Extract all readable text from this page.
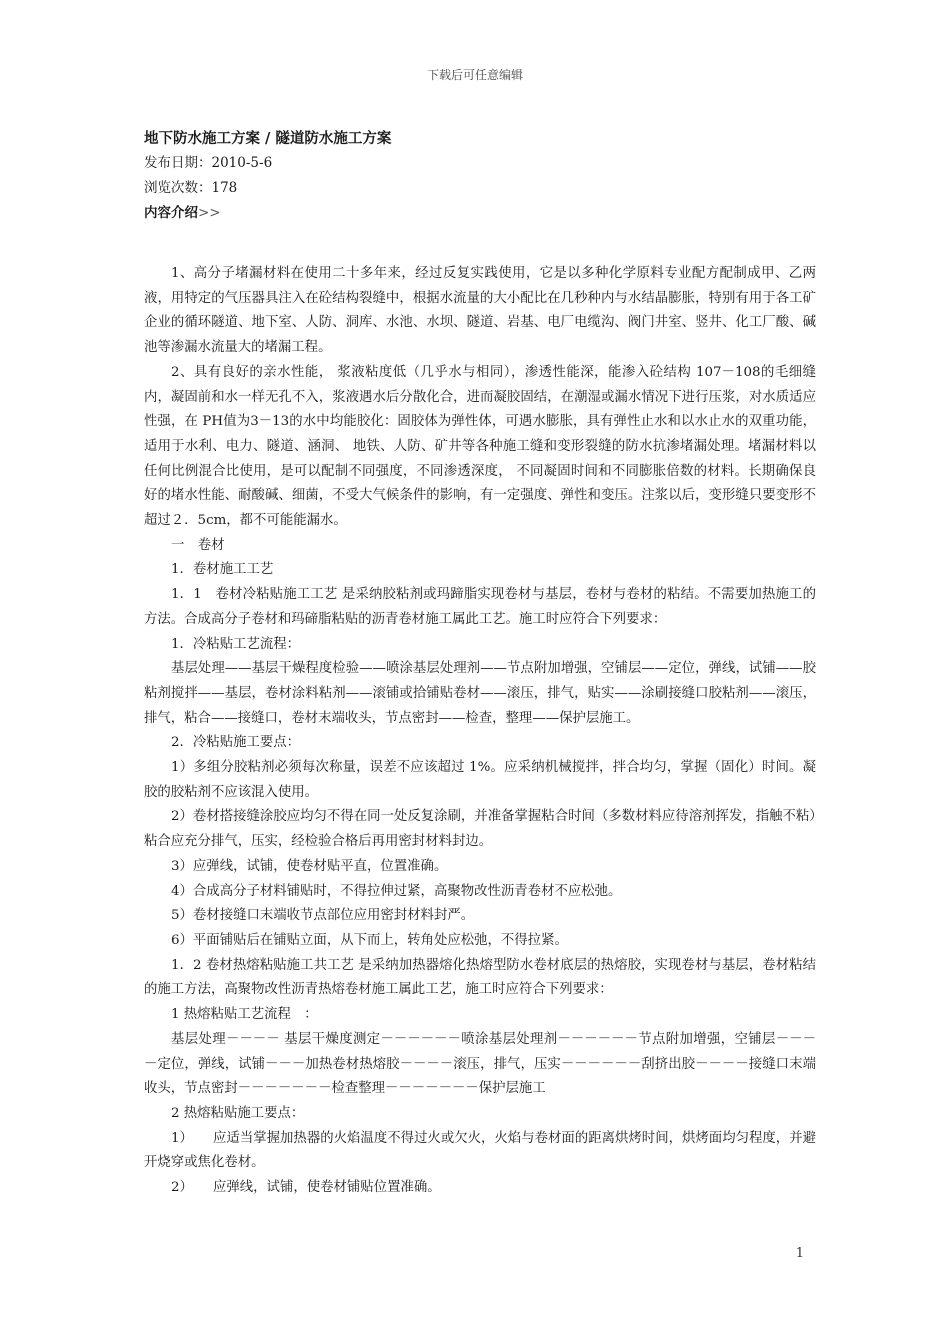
下载后可任意编辑

地下防水施工方案 / 隧道防水施工方案

发布日期：2010-5-6

浏览次数：178

内容介绍>>

1、高分子堵漏材料在使用二十多年来，经过反复实践使用，它是以多种化学原料专业配方配制成甲、乙两液，用特定的气压器具注入在砼结构裂缝中，根据水流量的大小配比在几秒种内与水结晶膨胀，特别有用于各工矿企业的循环隧道、地下室、人防、洞库、水池、水坝、隧道、岩基、电厂电缆沟、阀门井室、竖井、化工厂酸、碱池等渗漏水流量大的堵漏工程。

2、具有良好的亲水性能， 浆液粘度低（几乎水与相同），渗透性能深，能渗入砼结构 107－108的毛细缝内，凝固前和水一样无孔不入，浆液遇水后分散化合，进而凝胶固结，在潮湿或漏水情况下进行压浆，对水质适应性强，在 PH值为3－13的水中均能胶化：固胶体为弹性体，可遇水膨胀，具有弹性止水和以水止水的双重功能，适用于水利、电力、隧道、涵洞、 地铁、人防、矿井等各种施工缝和变形裂缝的防水抗渗堵漏处理。堵漏材料以任何比例混合比使用，是可以配制不同强度，不同渗透深度， 不同凝固时间和不同膨胀倍数的材料。长期确保良好的堵水性能、耐酸碱、细菌，不受大气候条件的影响，有一定强度、弹性和变压。注浆以后，变形缝只要变形不超过２．5cm，都不可能能漏水。

一　卷材

1．卷材施工工艺

1．1　卷材冷粘贴施工工艺 是采纳胶粘剂或玛蹄脂实现卷材与基层，卷材与卷材的粘结。不需要加热施工的方法。合成高分子卷材和玛碲脂粘贴的沥青卷材施工属此工艺。施工时应符合下列要求：

1．冷粘贴工艺流程：

基层处理——基层干燥程度检验——喷涂基层处理剂——节点附加增强，空铺层——定位，弹线，试铺——胶粘剂搅拌——基层，卷材涂料粘剂——滚铺或拾铺贴卷材——滚压，排气，贴实——涂刷接缝口胶粘剂——滚压，排气，粘合——接缝口，卷材末端收头，节点密封——检查，整理——保护层施工。

2．冷粘贴施工要点：

1）多组分胶粘剂必须每次称量，误差不应该超过 1%。应采纳机械搅拌，拌合均匀，掌握（固化）时间。凝胶的胶粘剂不应该混入使用。

2）卷材搭接缝涂胶应均匀不得在同一处反复涂刷，并准备掌握粘合时间（多数材料应待溶剂挥发，指触不粘）粘合应充分排气，压实，经检验合格后再用密封材料封边。

3）应弹线，试铺，使卷材贴平直，位置准确。

4）合成高分子材料铺贴时，不得拉伸过紧，高聚物改性沥青卷材不应松弛。

5）卷材接缝口末端收节点部位应用密封材料封严。

6）平面铺贴后在铺贴立面，从下而上，转角处应松弛，不得拉紧。

1．2 卷材热熔粘贴施工共工艺 是采纳加热器熔化热熔型防水卷材底层的热熔胶，实现卷材与基层，卷材粘结的施工方法，高聚物改性沥青热熔卷材施工属此工艺，施工时应符合下列要求：

1 热熔粘贴工艺流程　：

基层处理－－－－ 基层干燥度测定－－－－－－喷涂基层处理剂－－－－－－节点附加增强，空铺层－－－－定位，弹线，试铺－－－加热卷材热熔胶－－－－滚压，排气，压实－－－－－－刮挤出胶－－－－接缝口末端收头，节点密封－－－－－－－检查整理－－－－－－－保护层施工

2 热熔粘贴施工要点：

1）　　应适当掌握加热器的火焰温度不得过火或欠火，火焰与卷材面的距离烘烤时间，烘烤面均匀程度，并避开烧穿或焦化卷材。

2）　　应弹线，试铺，使卷材铺贴位置准确。

1
